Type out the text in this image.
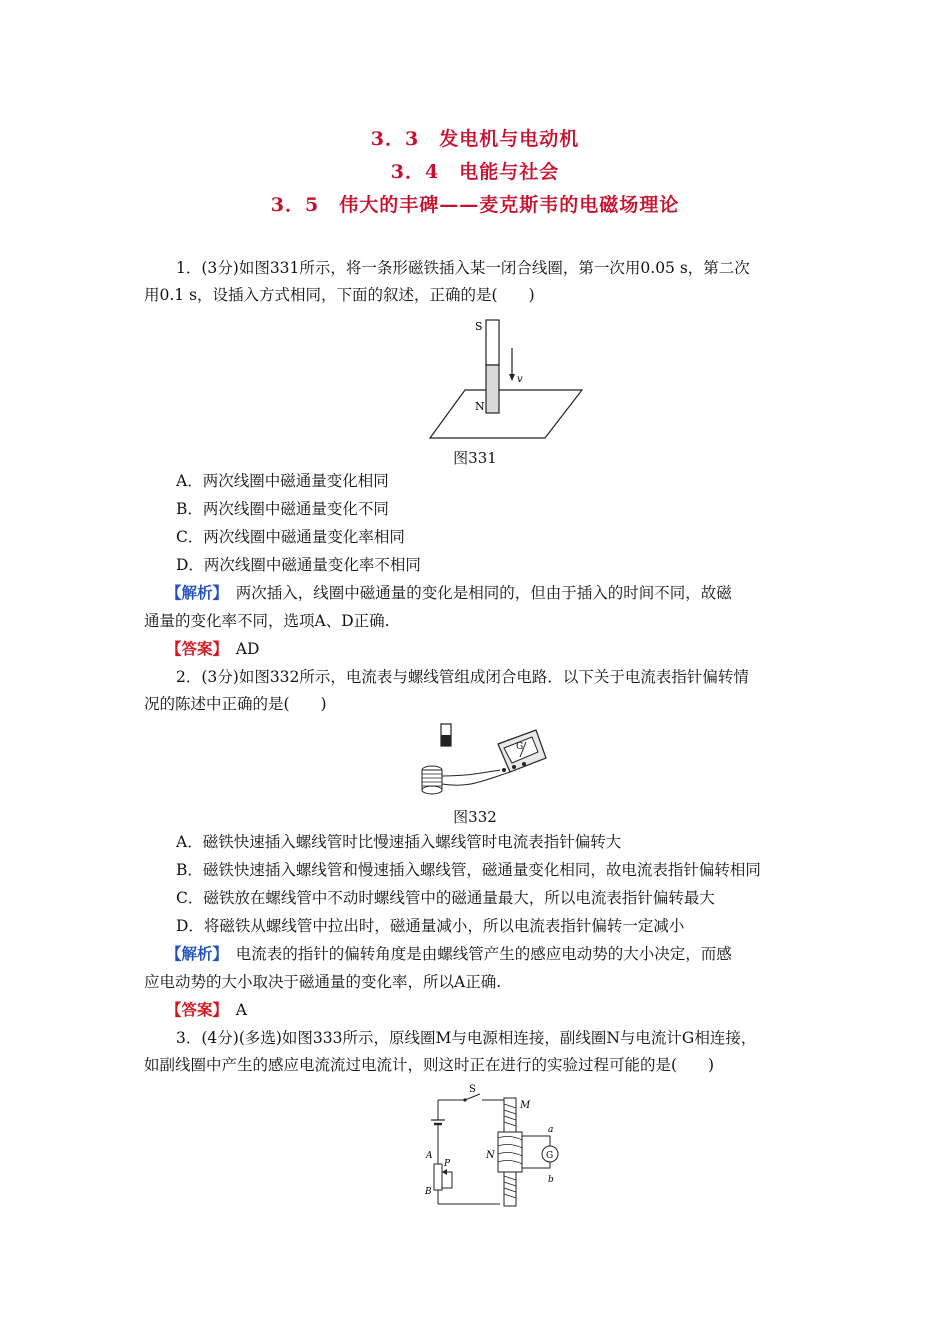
3．3　发电机与电动机
3．4　电能与社会
3．5　伟大的丰碑——麦克斯韦的电磁场理论
1．(3分)如图331所示，将一条形磁铁插入某一闭合线圈，第一次用0.05 s，第二次
用0.1 s，设插入方式相同，下面的叙述，正确的是(　　)
S
N
v
图331
A．两次线圈中磁通量变化相同
B．两次线圈中磁通量变化不同
C．两次线圈中磁通量变化率相同
D．两次线圈中磁通量变化率不相同
【解析】　两次插入，线圈中磁通量的变化是相同的，但由于插入的时间不同，故磁
通量的变化率不同，选项A、D正确.
【答案】　AD
2．(3分)如图332所示，电流表与螺线管组成闭合电路．以下关于电流表指针偏转情
况的陈述中正确的是(　　)
G
图332
A．磁铁快速插入螺线管时比慢速插入螺线管时电流表指针偏转大
B．磁铁快速插入螺线管和慢速插入螺线管，磁通量变化相同，故电流表指针偏转相同
C．磁铁放在螺线管中不动时螺线管中的磁通量最大，所以电流表指针偏转最大
D．将磁铁从螺线管中拉出时，磁通量减小，所以电流表指针偏转一定减小
【解析】　电流表的指针的偏转角度是由螺线管产生的感应电动势的大小决定，而感
应电动势的大小取决于磁通量的变化率，所以A正确.
【答案】　A
3．(4分)(多选)如图333所示，原线圈M与电源相连接，副线圈N与电流计G相连接，
如副线圈中产生的感应电流流过电流计，则这时正在进行的实验过程可能的是(　　)
S
A
P
B
M
N	G
a
b
